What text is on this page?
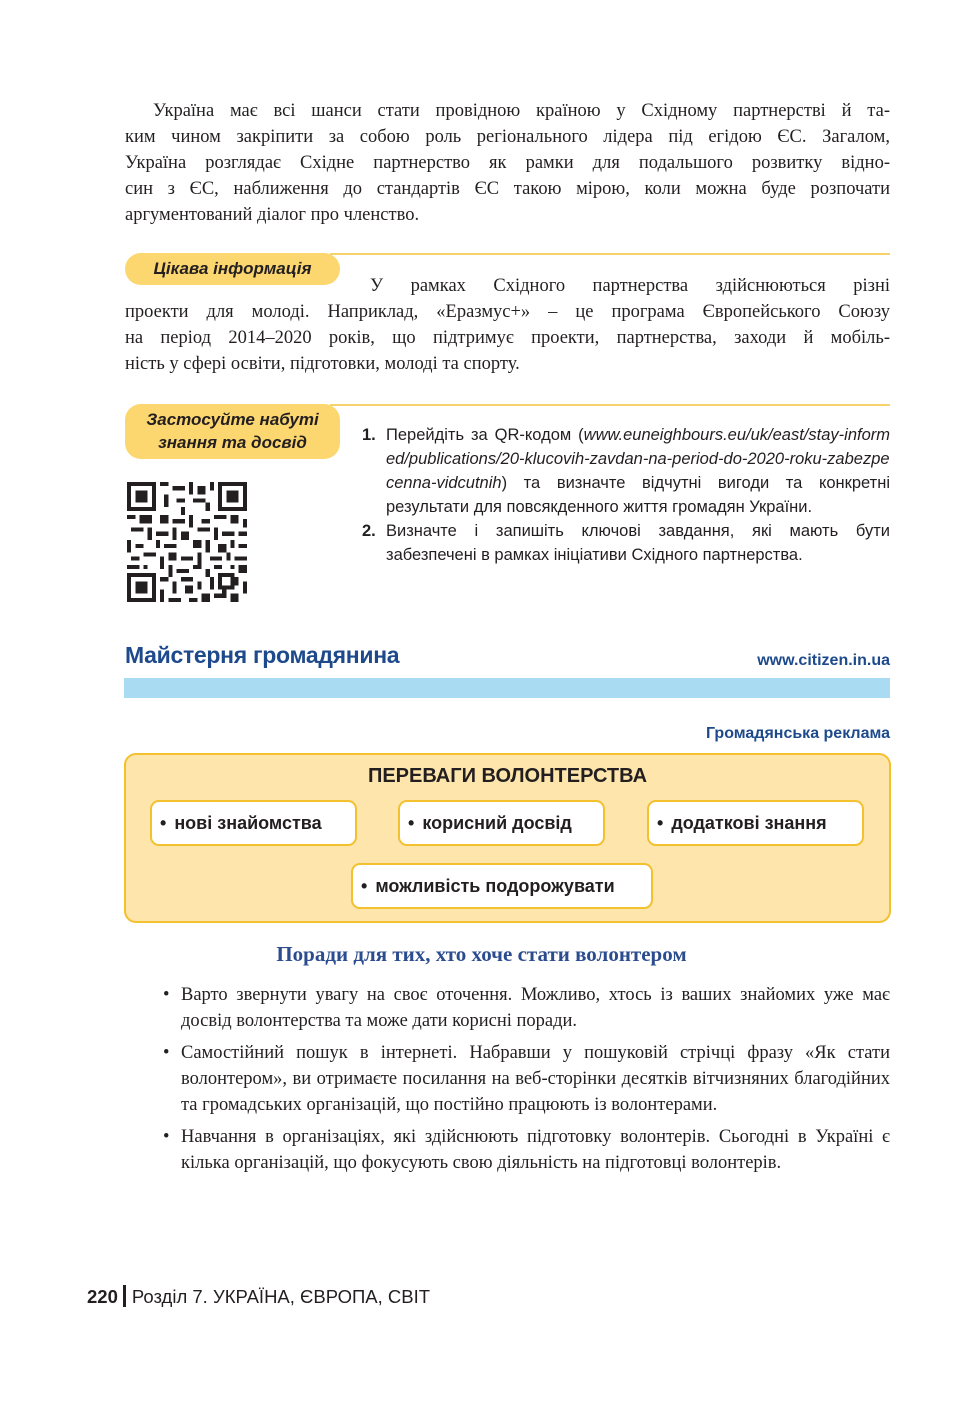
Україна має всі шанси стати провідною країною у Східному партнерстві й та-
ким чином закріпити за собою роль регіонального лідера під егідою ЄС. Загалом,
Україна розглядає Східне партнерство як рамки для подальшого розвитку відно-
син з ЄС, наближення до стандартів ЄС такою мірою, коли можна буде розпочати
аргументований діалог про членство.
Цікава інформація
У рамках Східного партнерства здійснюються різні
проекти для молоді. Наприклад, «Еразмус+» – це програма Європейського Союзу
на період 2014–2020 років, що підтримує проекти, партнерства, заходи й мобіль-
ність у сфері освіти, підготовки, молоді та спорту.
Застосуйте набуті
знання та досвід	1. Перейдіть за QR-кодом (www.euneighbours.eu/uk/east/stay-informed/publications/20-klucovih-zavdan-na-period-do-2020-roku-zabezpecenna-vidcutnih) та визначте відчутні вигоди та конкретні результати для повсякденного життя громадян України.
2. Визначте і запишіть ключові завдання, які мають бути забезпечені в рамках ініціативи Східного партнерства.
Майстерня громадянина	www.citizen.in.ua
Громадянська реклама
ПЕРЕВАГИ ВОЛОНТЕРСТВА
• нові знайомства	• корисний досвід	• додаткові знання
• можливість подорожувати
Поради для тих, хто хоче стати волонтером
• Варто звернути увагу на своє оточення. Можливо, хтось із ваших знайомих уже має досвід волонтерства та може дати корисні поради.
• Самостійний пошук в інтернеті. Набравши у пошуковій стрічці фразу «Як стати волонтером», ви отримаєте посилання на веб-сторінки десятків вітчизняних благодійних та громадських організацій, що постійно працюють із волонтерами.
• Навчання в організаціях, які здійснюють підготовку волонтерів. Сьогодні в Україні є кілька організацій, що фокусують свою діяльність на підготовці волонтерів.
220 Розділ 7. УКРАЇНА, ЄВРОПА, СВІТ
